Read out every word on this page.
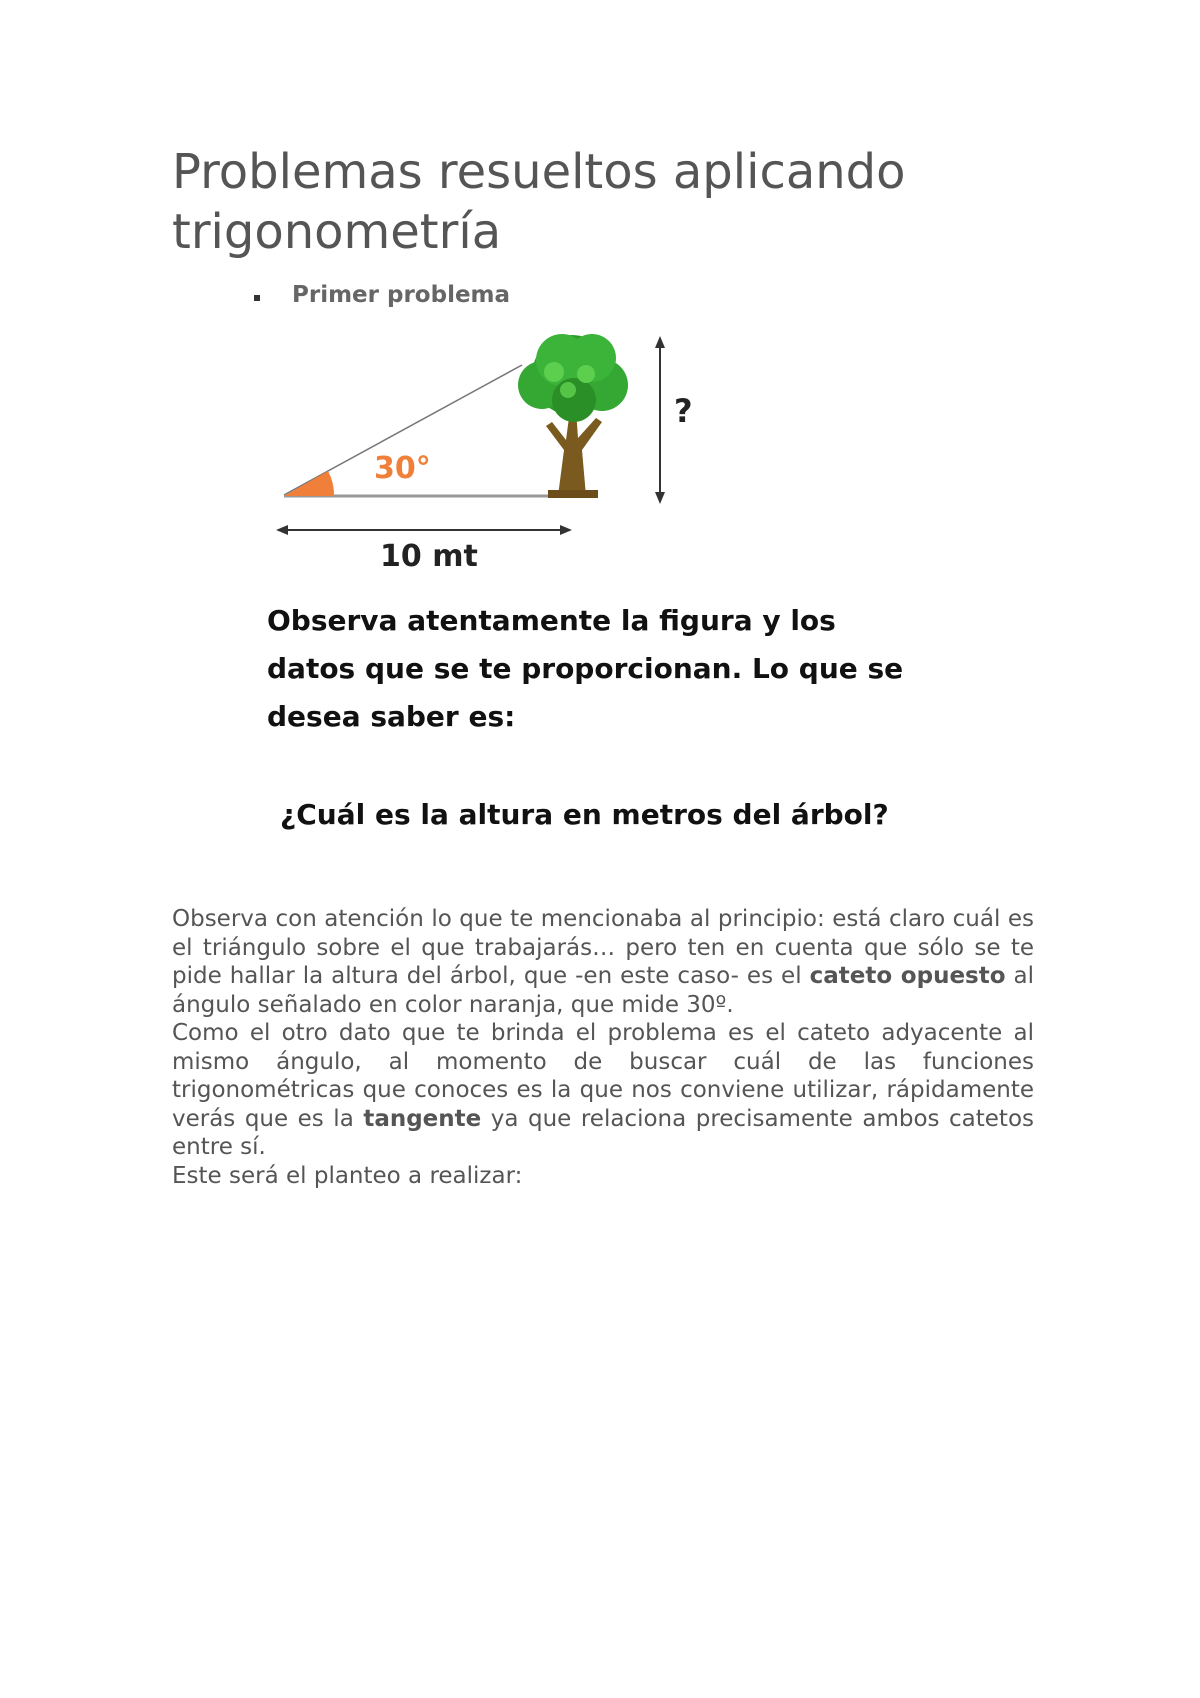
Problemas resueltos aplicando trigonometría
Primer problema
30°
?
10 mt
Observa atentamente la figura y los
datos que se te proporcionan. Lo que se
desea saber es:
¿Cuál es la altura en metros del árbol?

Observa con atención lo que te mencionaba al principio: está claro cuál es el triángulo sobre el que trabajarás… pero ten en cuenta que sólo se te pide hallar la altura del árbol, que -en este caso- es el cateto opuesto al ángulo señalado en color naranja, que mide 30º.

Como el otro dato que te brinda el problema es el cateto adyacente al mismo ángulo, al momento de buscar cuál de las funciones trigonométricas que conoces es la que nos conviene utilizar, rápidamente verás que es la tangente ya que relaciona precisamente ambos catetos entre sí.

Este será el planteo a realizar:
